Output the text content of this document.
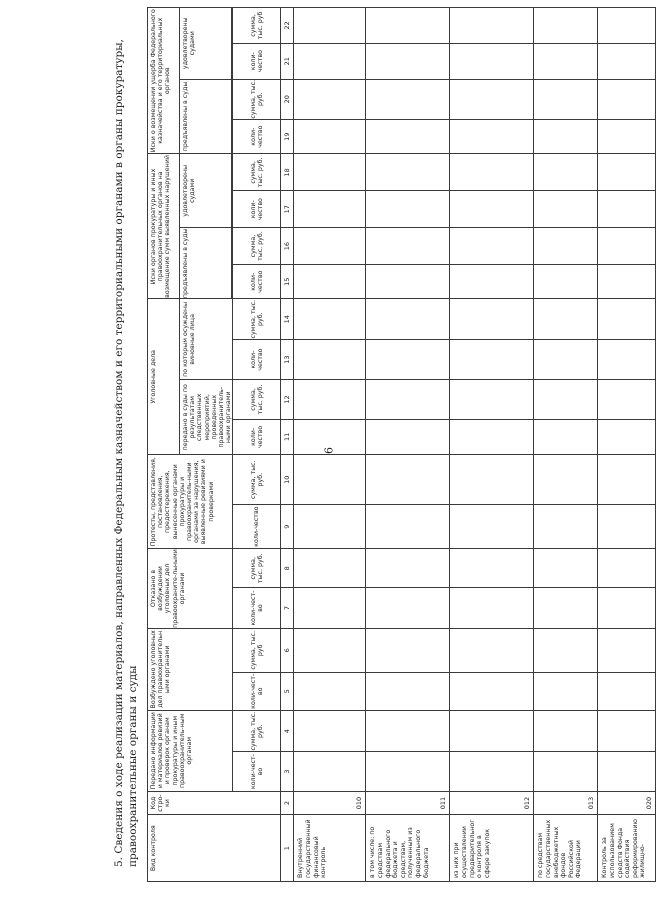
6
5. Сведения о ходе реализации материалов, направленных Федеральным казначейством и его территориальными органами в органы прокуратуры, правоохранительные органы и суды Вид контроля	Код стро-ки	Передано информации и материалов ревизий и проверок органам прокуратуры и иным правоохранитель-ным органам		Возбуждено уголовных дел правоохранительн ыми органами		Отказано в возбуждении уголовных дел правоохраните-льными органами		Протесты, представления, постановления, предостережения, вынесенные органами прокуратуры и правоохранитель-ными органами за нарушения, выявленные ревизиями и проверками		Уголовные дела				Иски органов прокуратуры и иных правоохранительных органов на возмещение сумм выявленных нарушений				Иски о возмещении ущерба Федерального казначейства и его территориальных органов			
										передано в суды по результатам следственных мероприятий, проведенных правоохранитель-ными органами		по которым осуждены виновные лица		предъявлены в суды		удовлетворены судами		предъявлены в суды		удовлетворены судами	

		коли-чест-во	сумма, тыс. руб.	коли-чест-во	сумма, тыс. руб	коли-чест-во	сумма, тыс. руб.	коли-чество	сумма, тыс. руб.	коли-чество	сумма, тыс. руб.	коли-чество	сумма, тыс. руб.	коли-чество	сумма, тыс. руб.	коли-чество	сумма, тыс. руб.	коли-чество	сумма, тыс. руб.	коли-чество	сумма, тыс. руб
1	2	3	4	5	6	7	8	9	10	11	12	13	14	15	16	17	18	19	20	21	22
Внутренний государственный финансовый контроль	010																				
в том числе: по средствам федерального бюджета и средствам, полученным из федерального бюджета	011																				
из них при осуществлении предварительного контроля в сфере закупок	012																				
по средствам государственных внебюджетных фондов Российской Федерации	013																				
Контроль за использованием средств Фонда содействия реформированию жилищно-	020																				
